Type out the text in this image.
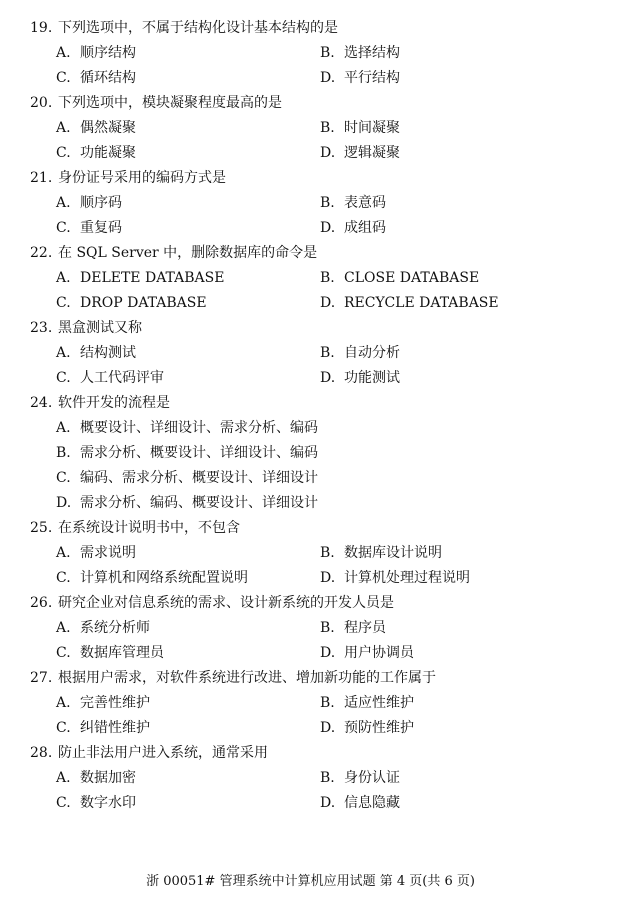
19. 下列选项中，不属于结构化设计基本结构的是
A. 顺序结构	B. 选择结构
C. 循环结构	D. 平行结构
20. 下列选项中，模块凝聚程度最高的是
A. 偶然凝聚	B. 时间凝聚
C. 功能凝聚	D. 逻辑凝聚
21. 身份证号采用的编码方式是
A. 顺序码	B. 表意码
C. 重复码	D. 成组码
22. 在 SQL Server 中，删除数据库的命令是
A. DELETE DATABASE	B. CLOSE DATABASE
C. DROP DATABASE	D. RECYCLE DATABASE
23. 黑盒测试又称
A. 结构测试	B. 自动分析
C. 人工代码评审	D. 功能测试
24. 软件开发的流程是
A. 概要设计、详细设计、需求分析、编码
B. 需求分析、概要设计、详细设计、编码
C. 编码、需求分析、概要设计、详细设计
D. 需求分析、编码、概要设计、详细设计
25. 在系统设计说明书中，不包含
A. 需求说明	B. 数据库设计说明
C. 计算机和网络系统配置说明	D. 计算机处理过程说明
26. 研究企业对信息系统的需求、设计新系统的开发人员是
A. 系统分析师	B. 程序员
C. 数据库管理员	D. 用户协调员
27. 根据用户需求，对软件系统进行改进、增加新功能的工作属于
A. 完善性维护	B. 适应性维护
C. 纠错性维护	D. 预防性维护
28. 防止非法用户进入系统，通常采用
A. 数据加密	B. 身份认证
C. 数字水印	D. 信息隐藏
浙 00051# 管理系统中计算机应用试题 第 4 页(共 6 页)
